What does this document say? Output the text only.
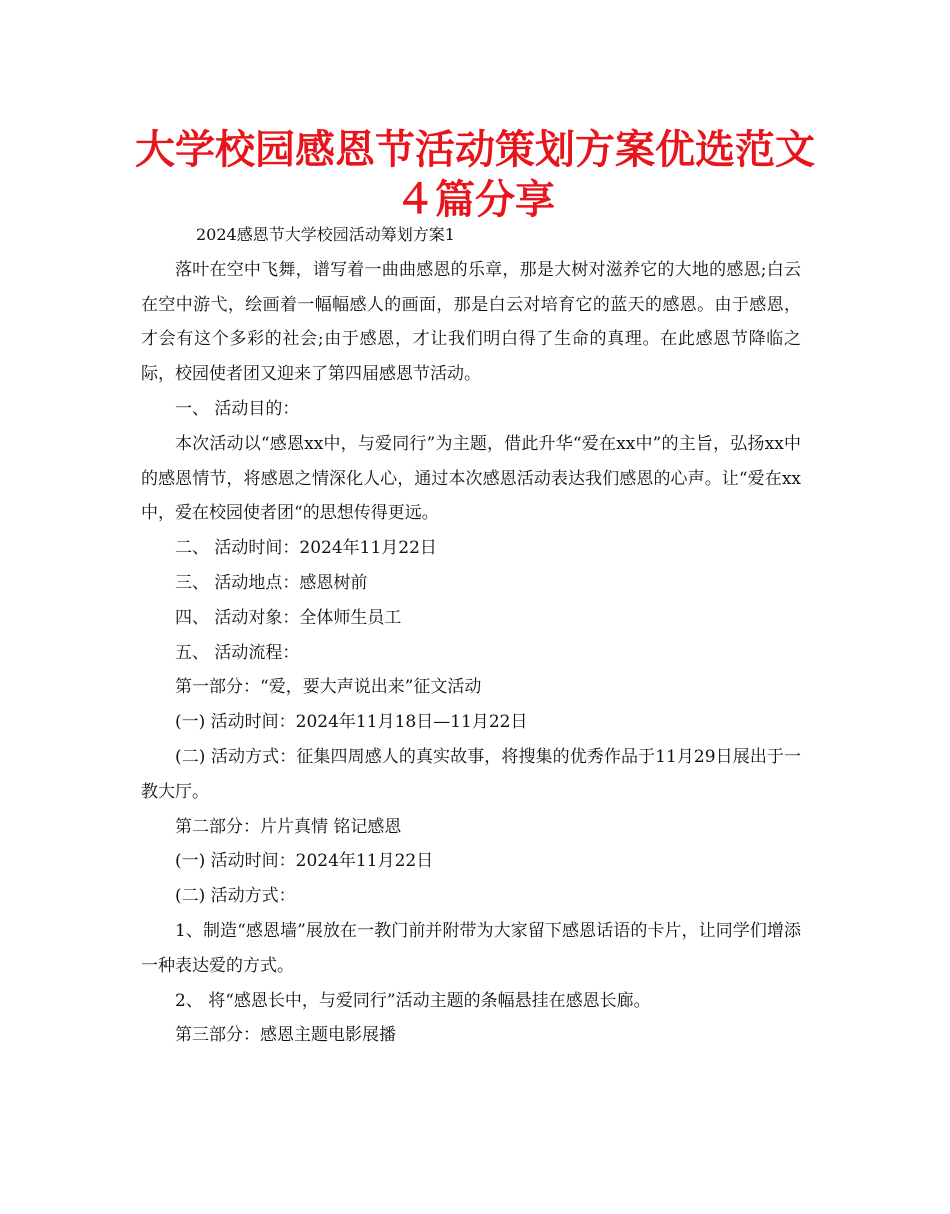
大学校园感恩节活动策划方案优选范文４篇分享

2024感恩节大学校园活动筹划方案1

落叶在空中飞舞，谱写着一曲曲感恩的乐章，那是大树对滋养它的大地的感恩;白云在空中游弋，绘画着一幅幅感人的画面，那是白云对培育它的蓝天的感恩。由于感恩，才会有这个多彩的社会;由于感恩，才让我们明白得了生命的真理。在此感恩节降临之际，校园使者团又迎来了第四届感恩节活动。

一、 活动目的：

本次活动以“感恩xx中，与爱同行”为主题，借此升华“爱在xx中”的主旨，弘扬xx中的感恩情节，将感恩之情深化人心，通过本次感恩活动表达我们感恩的心声。让“爱在xx中，爱在校园使者团“的思想传得更远。

二、 活动时间：2024年11月22日

三、 活动地点：感恩树前

四、 活动对象：全体师生员工

五、 活动流程：

第一部分：“爱，要大声说出来”征文活动

(一) 活动时间：2024年11月18日—11月22日

(二) 活动方式：征集四周感人的真实故事，将搜集的优秀作品于11月29日展出于一教大厅。

第二部分：片片真情 铭记感恩

(一) 活动时间：2024年11月22日

(二) 活动方式：

1、制造“感恩墙”展放在一教门前并附带为大家留下感恩话语的卡片，让同学们增添一种表达爱的方式。

2、 将“感恩长中，与爱同行”活动主题的条幅悬挂在感恩长廊。

第三部分：感恩主题电影展播
